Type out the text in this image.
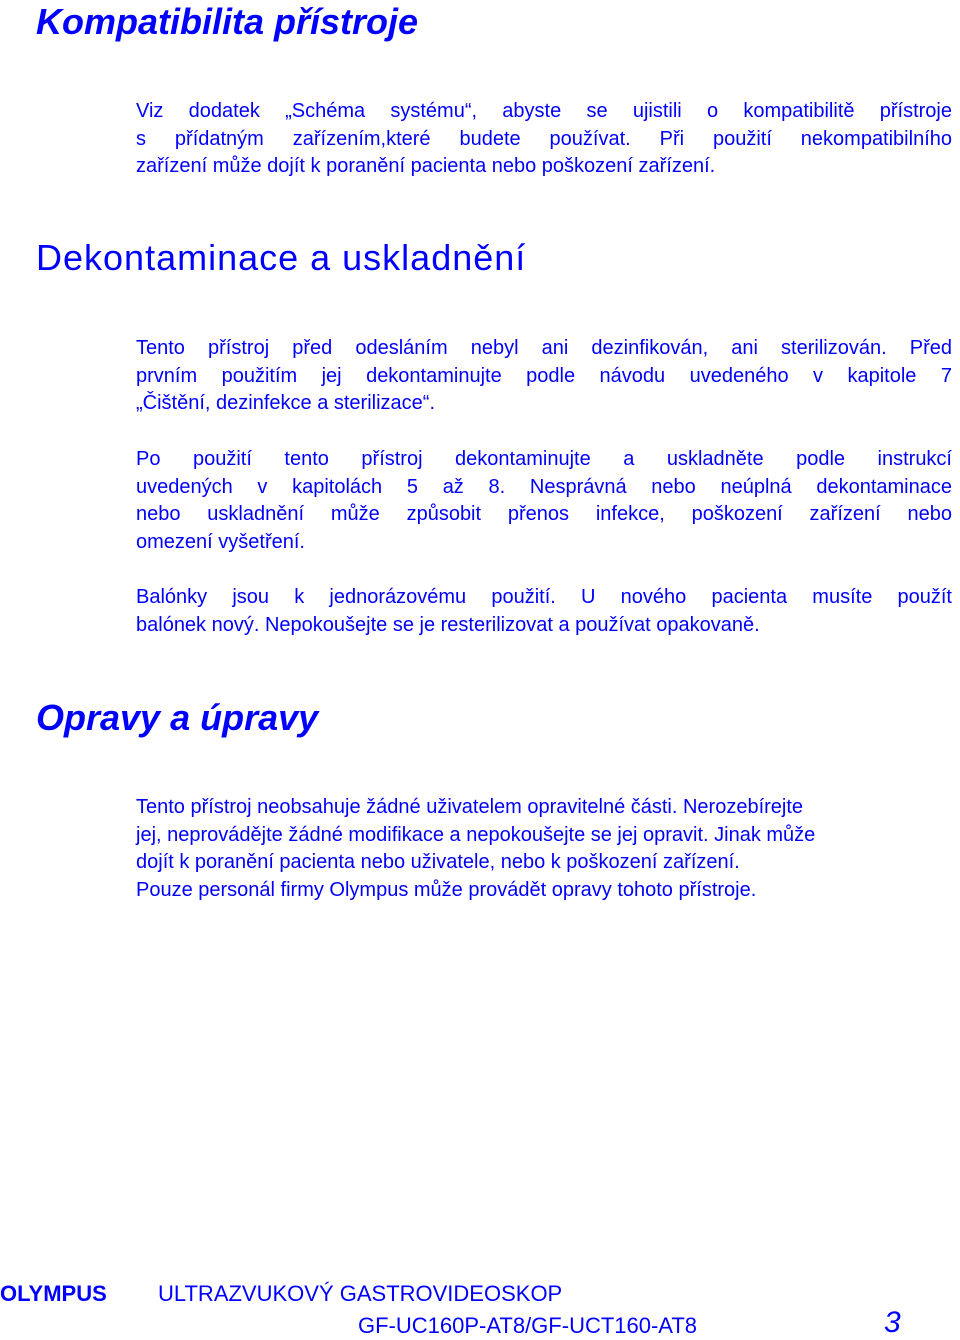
Kompatibilita přístroje
Viz dodatek „Schéma systému“, abyste se ujistili o kompatibilitě přístroje
s přídatným zařízením,které budete používat. Při použití nekompatibilního
zařízení může dojít k poranění pacienta nebo poškození zařízení.
Dekontaminace a uskladnění
Tento přístroj před odesláním nebyl ani dezinfikován, ani sterilizován. Před
prvním použitím jej dekontaminujte podle návodu uvedeného v kapitole 7
„Čištění, dezinfekce a sterilizace“.
Po použití tento přístroj dekontaminujte a uskladněte podle instrukcí
uvedených v kapitolách 5 až 8. Nesprávná nebo neúplná dekontaminace
nebo uskladnění může způsobit přenos infekce, poškození zařízení nebo
omezení vyšetření.
Balónky jsou k jednorázovému použití. U nového pacienta musíte použít
balónek nový. Nepokoušejte se je resterilizovat a používat opakovaně.
Opravy a úpravy
Tento přístroj neobsahuje žádné uživatelem opravitelné části. Nerozebírejte
jej, neprovádějte žádné modifikace a nepokoušejte se jej opravit. Jinak může
dojít k poranění pacienta nebo uživatele, nebo k poškození zařízení.
Pouze personál firmy Olympus může provádět opravy tohoto přístroje.
OLYMPUS ULTRAZVUKOVÝ GASTROVIDEOSKOP
GF-UC160P-AT8/GF-UCT160-AT8	3
